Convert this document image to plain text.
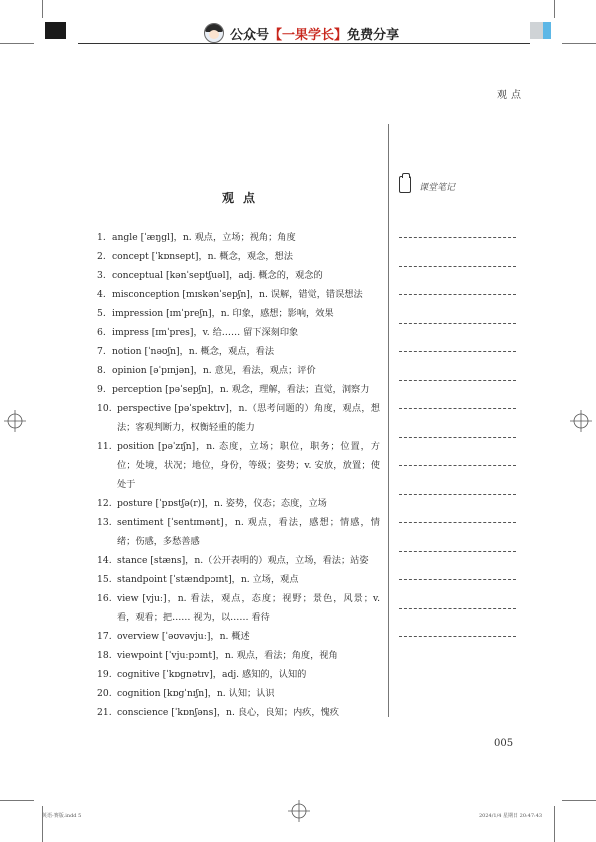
公众号【一果学长】免费分享
观点
观点
1. angle [ˈæŋgl]，n. 观点，立场；视角；角度
2. concept [ˈkɒnsept]，n. 概念，观念，想法
3. conceptual [kənˈseptʃuəl]，adj. 概念的，观念的
4. misconception [mɪskənˈsepʃn]，n. 误解，错觉，错误想法
5. impression [ɪmˈpreʃn]，n. 印象，感想；影响，效果
6. impress [ɪmˈpres]，v. 给…… 留下深刻印象
7. notion [ˈnəʊʃn]，n. 概念，观点，看法
8. opinion [əˈpɪnjən]，n. 意见，看法，观点；评价
9. perception [pəˈsepʃn]，n. 观念，理解，看法；直觉，洞察力
10. perspective [pəˈspektɪv]，n.（思考问题的）角度，观点，想法；客观判断力，权衡轻重的能力
11. position [pəˈzɪʃn]，n. 态度，立场；职位，职务；位置，方位；处境，状况；地位，身份，等级；姿势；v. 安放，放置；使处于
12. posture [ˈpɒstʃə(r)]，n. 姿势，仪态；态度，立场
13. sentiment [ˈsentɪmənt]，n. 观点，看法，感想；情感，情绪；伤感，多愁善感
14. stance [stæns]，n.（公开表明的）观点，立场，看法；站姿
15. standpoint [ˈstændpɔɪnt]，n. 立场，观点
16. view [vjuː]，n. 看法，观点，态度；视野；景色，风景；v. 看，观看；把…… 视为，以…… 看待
17. overview [ˈəʊvəvjuː]，n. 概述
18. viewpoint [ˈvjuːpɔɪnt]，n. 观点，看法；角度，视角
19. cognitive [ˈkɒgnətɪv]，adj. 感知的，认知的
20. cognition [kɒgˈnɪʃn]，n. 认知；认识
21. conscience [ˈkɒnʃəns]，n. 良心，良知；内疚，愧疚
课堂笔记
005
英语-赛版.indd 5	2024/1/4 星期日 20:47:43
